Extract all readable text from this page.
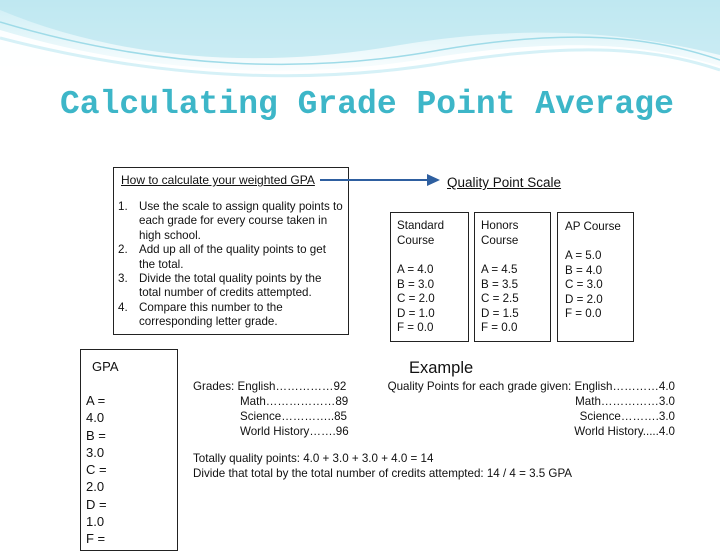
Calculating Grade Point Average
How to calculate your weighted GPA
1. Use the scale to assign quality points to each grade for every course taken in high school.
2. Add up all of the quality points to get the total.
3. Divide the total quality points by the total number of credits attempted.
4. Compare this number to the corresponding letter grade.
Quality Point Scale
Standard Course
A = 4.0
B = 3.0
C = 2.0
D = 1.0
F = 0.0
Honors Course
A = 4.5
B = 3.5
C = 2.5
D = 1.5
F = 0.0
AP Course
A = 5.0
B = 4.0
C = 3.0
D = 2.0
F = 0.0
GPA
A =
4.0
B =
3.0
C =
2.0
D =
1.0
F =
Example
Grades: English……………92
Math………………89
Science…………..85
World History…….96
Quality Points for each grade given: English…………4.0
Math……………3.0
Science……….3.0
World History.....4.0
Totally quality points: 4.0 + 3.0 + 3.0 + 4.0 = 14
Divide that total by the total number of credits attempted: 14 / 4 = 3.5 GPA
